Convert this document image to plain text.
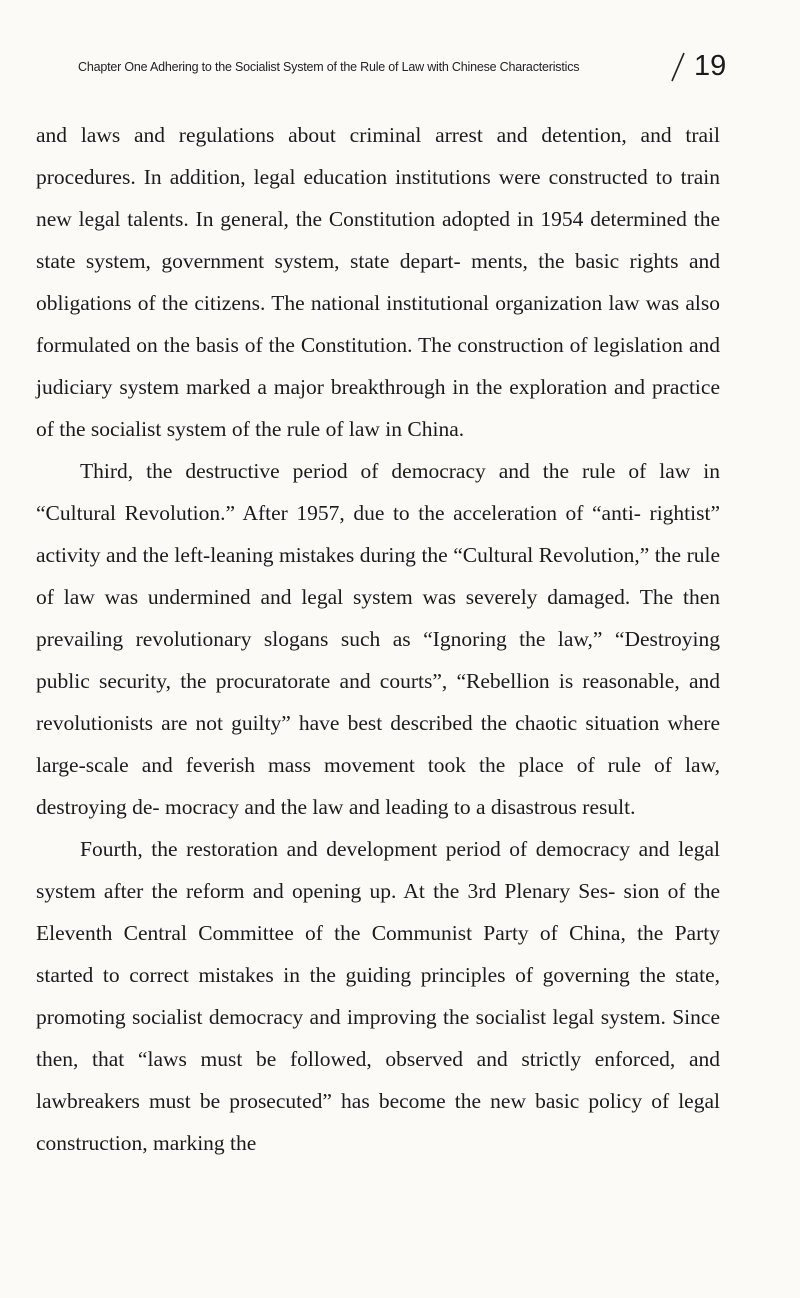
Chapter One Adhering to the Socialist System of the Rule of Law with Chinese Characteristics	19

and laws and regulations about criminal arrest and detention, and trail procedures. In addition, legal education institutions were constructed to train new legal talents. In general, the Constitution adopted in 1954 determined the state system, government system, state depart- ments, the basic rights and obligations of the citizens. The national institutional organization law was also formulated on the basis of the Constitution. The construction of legislation and judiciary system marked a major breakthrough in the exploration and practice of the socialist system of the rule of law in China.

Third, the destructive period of democracy and the rule of law in “Cultural Revolution.” After 1957, due to the acceleration of “anti- rightist” activity and the left-leaning mistakes during the “Cultural Revolution,” the rule of law was undermined and legal system was severely damaged. The then prevailing revolutionary slogans such as “Ignoring the law,” “Destroying public security, the procuratorate and courts”, “Rebellion is reasonable, and revolutionists are not guilty” have best described the chaotic situation where large-scale and feverish mass movement took the place of rule of law, destroying de- mocracy and the law and leading to a disastrous result.

Fourth, the restoration and development period of democracy and legal system after the reform and opening up. At the 3rd Plenary Ses- sion of the Eleventh Central Committee of the Communist Party of China, the Party started to correct mistakes in the guiding principles of governing the state, promoting socialist democracy and improving the socialist legal system. Since then, that “laws must be followed, observed and strictly enforced, and lawbreakers must be prosecuted” has become the new basic policy of legal construction, marking the
